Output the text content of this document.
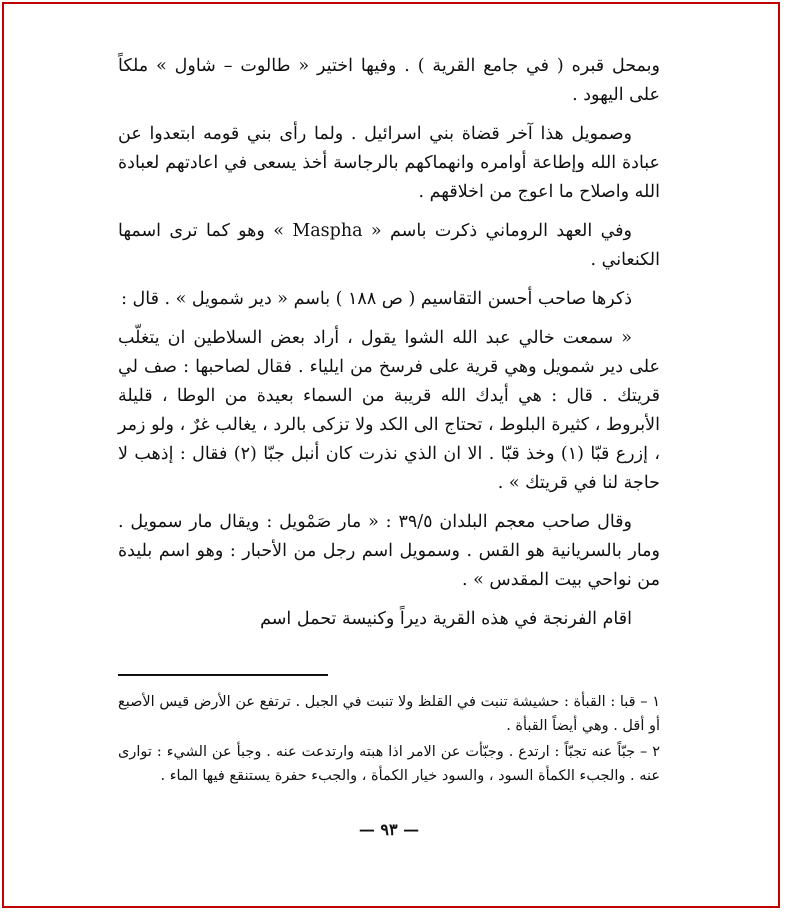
وبمحل قبره ( في جامع القرية ) . وفيها اختير « طالوت – شاول » ملكاً على اليهود .

وصمويل هذا آخر قضاة بني اسرائيل . ولما رأى بني قومه ابتعدوا عن عبادة الله وإطاعة أوامره وانهماكهم بالرجاسة أخذ يسعى في اعادتهم لعبادة الله واصلاح ما اعوج من اخلاقهم .

وفي العهد الروماني ذكرت باسم « Maspha » وهو كما ترى اسمها الكنعاني .

ذكرها صاحب أحسن التقاسيم ( ص ١٨٨ ) باسم « دير شمويل » . قال :

« سمعت خالي عبد الله الشوا يقول ، أراد بعض السلاطين ان يتغلّب على دير شمويل وهي قرية على فرسخ من ايلياء . فقال لصاحبها : صف لي قريتك . قال : هي أيدك الله قريبة من السماء بعيدة من الوطا ، قليلة الأبروط ، كثيرة البلوط ، تحتاج الى الكد ولا تزكى بالرد ، يغالب غرٌ ، ولو زمر ، إزرع قبّا (١) وخذ قبّا . الا ان الذي نذرت كان أنبل جبّا (٢) فقال : إذهب لا حاجة لنا في قريتك » .

وقال صاحب معجم البلدان ٣٩/٥ : « مار صَمْويل : ويقال مار سمويل . ومار بالسريانية هو القس . وسمويل اسم رجل من الأحبار : وهو اسم بليدة من نواحي بيت المقدس » .

اقام الفرنجة في هذه القرية ديراً وكنيسة تحمل اسم

١ – قبا : القبأة : حشيشة تنبت في القلظ ولا تنبت في الجبل . ترتفع عن الأرض قيس الأصبع أو أقل . وهي أيضاً القبأة .

٢ – جبّاً عنه تجبّاً : ارتدع . وجبّأت عن الامر اذا هبته وارتدعت عنه . وجبأ عن الشيء : توارى عنه . والجبء الكمأة السود ، والسود خيار الكمأة ، والجبء حفرة يستنقع فيها الماء .

— ٩٣ —
